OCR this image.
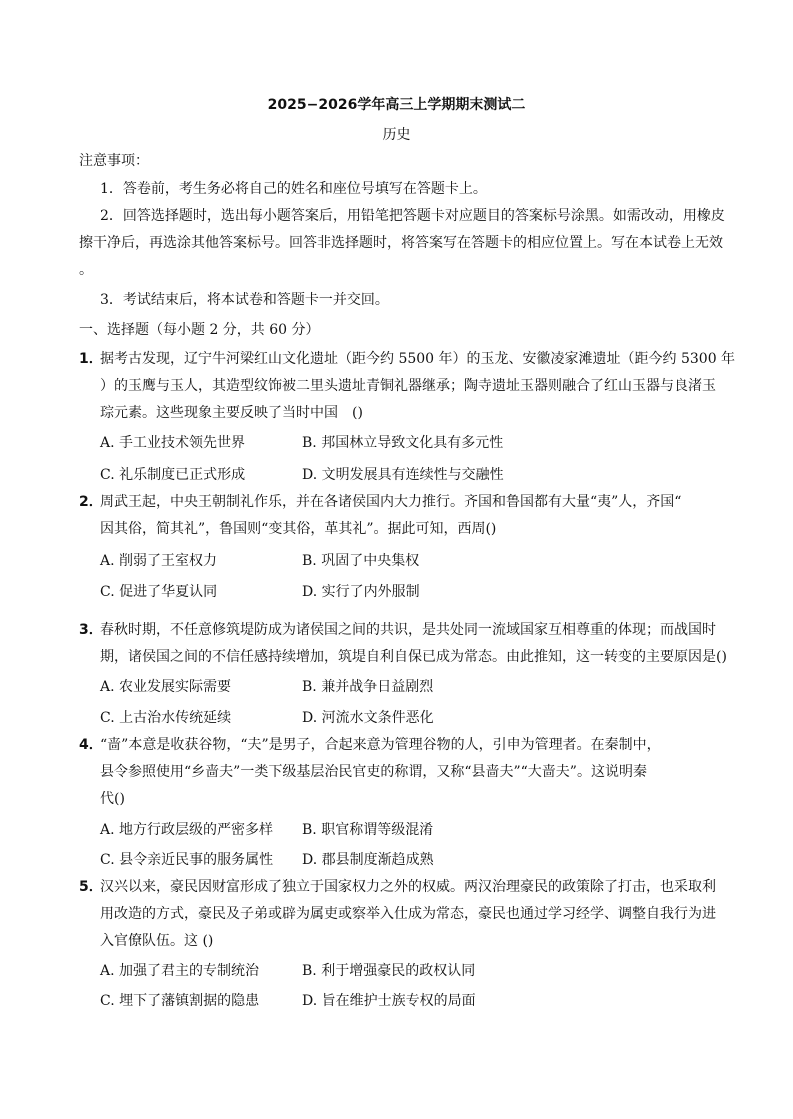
2025−2026学年高三上学期期末测试二
历史
注意事项：
1．答卷前，考生务必将自己的姓名和座位号填写在答题卡上。
2．回答选择题时，选出每小题答案后，用铅笔把答题卡对应题目的答案标号涂黑。如需改动，用橡皮
擦干净后，再选涂其他答案标号。回答非选择题时，将答案写在答题卡的相应位置上。写在本试卷上无效
。
3．考试结束后，将本试卷和答题卡一并交回。
一、选择题（每小题 2 分，共 60 分）
1．
据考古发现，辽宁牛河梁红山文化遗址（距今约 5500 年）的玉龙、安徽凌家滩遗址（距今约 5300 年
）的玉鹰与玉人，其造型纹饰被二里头遗址青铜礼器继承；陶寺遗址玉器则融合了红山玉器与良渚玉
琮元素。这些现象主要反映了当时中国　()
A. 手工业技术领先世界	B. 邦国林立导致文化具有多元性
C. 礼乐制度已正式形成	D. 文明发展具有连续性与交融性
2．
周武王起，中央王朝制礼作乐，并在各诸侯国内大力推行。齐国和鲁国都有大量“夷”人，齐国“
因其俗，简其礼”，鲁国则“变其俗，革其礼”。据此可知，西周()
A. 削弱了王室权力	B. 巩固了中央集权
C. 促进了华夏认同	D. 实行了内外服制
3．
春秋时期，不任意修筑堤防成为诸侯国之间的共识，是共处同一流域国家互相尊重的体现；而战国时
期，诸侯国之间的不信任感持续增加，筑堤自利自保已成为常态。由此推知，这一转变的主要原因是()
A. 农业发展实际需要	B. 兼并战争日益剧烈
C. 上古治水传统延续	D. 河流水文条件恶化
4．
“啬”本意是收获谷物，“夫”是男子，合起来意为管理谷物的人，引申为管理者。在秦制中，
县令参照使用“乡啬夫”一类下级基层治民官吏的称谓，又称“县啬夫”“大啬夫”。这说明秦
代()
A. 地方行政层级的严密多样 B. 职官称谓等级混淆
C. 县令亲近民事的服务属性 D. 郡县制度渐趋成熟
5．
汉兴以来，豪民因财富形成了独立于国家权力之外的权威。两汉治理豪民的政策除了打击，也采取利
用改造的方式，豪民及子弟或辟为属吏或察举入仕成为常态，豪民也通过学习经学、调整自我行为进
入官僚队伍。这 ()
A. 加强了君主的专制统治	B. 利于增强豪民的政权认同
C. 埋下了藩镇割据的隐患	D. 旨在维护士族专权的局面
